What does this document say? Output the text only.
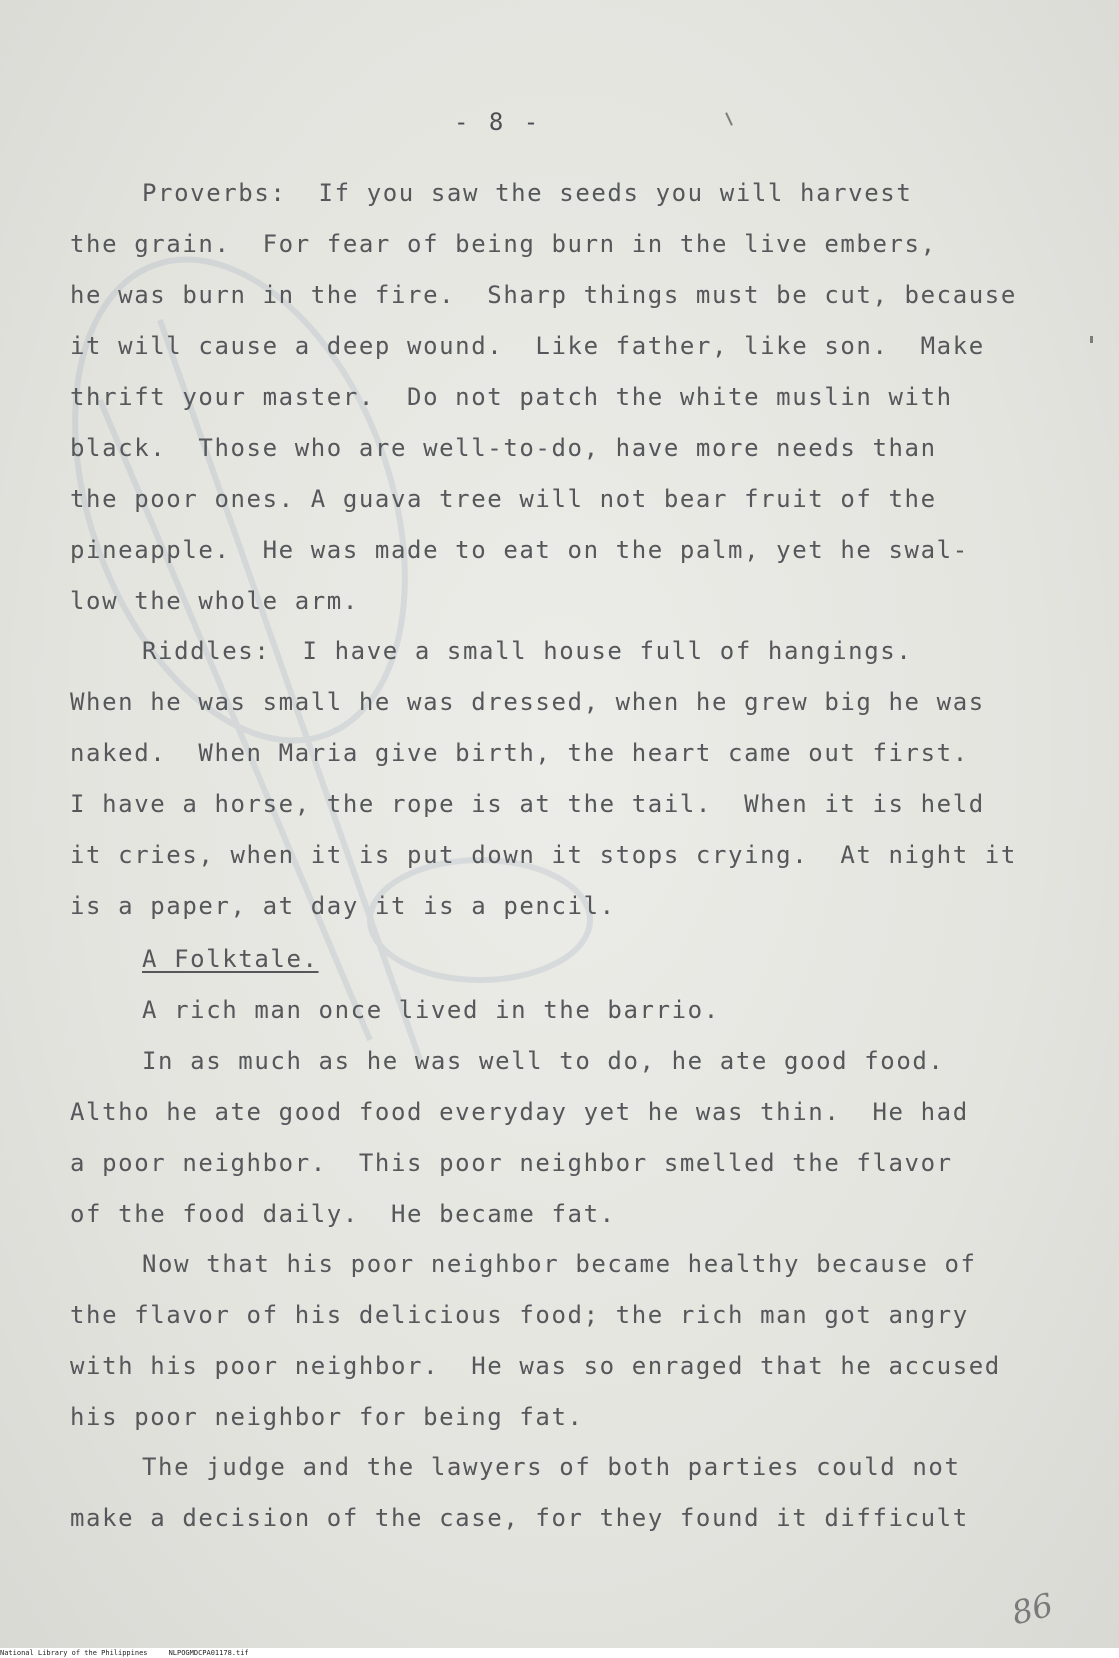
- 8 -
Proverbs:  If you saw the seeds you will harvest
the grain.  For fear of being burn in the live embers,
he was burn in the fire.  Sharp things must be cut, because
it will cause a deep wound.  Like father, like son.  Make
thrift your master.  Do not patch the white muslin with
black.  Those who are well-to-do, have more needs than
the poor ones. A guava tree will not bear fruit of the
pineapple.  He was made to eat on the palm, yet he swal-
low the whole arm.
Riddles:  I have a small house full of hangings.
When he was small he was dressed, when he grew big he was
naked.  When Maria give birth, the heart came out first.
I have a horse, the rope is at the tail.  When it is held
it cries, when it is put down it stops crying.  At night it
is a paper, at day it is a pencil.
A Folktale.
A rich man once lived in the barrio.
In as much as he was well to do, he ate good food.
Altho he ate good food everyday yet he was thin.  He had
a poor neighbor.  This poor neighbor smelled the flavor
of the food daily.  He became fat.
Now that his poor neighbor became healthy because of
the flavor of his delicious food; the rich man got angry
with his poor neighbor.  He was so enraged that he accused
his poor neighbor for being fat.
The judge and the lawyers of both parties could not
make a decision of the case, for they found it difficult
86
National Library of the Philippines     NLPOGMDCPA01178.tif
